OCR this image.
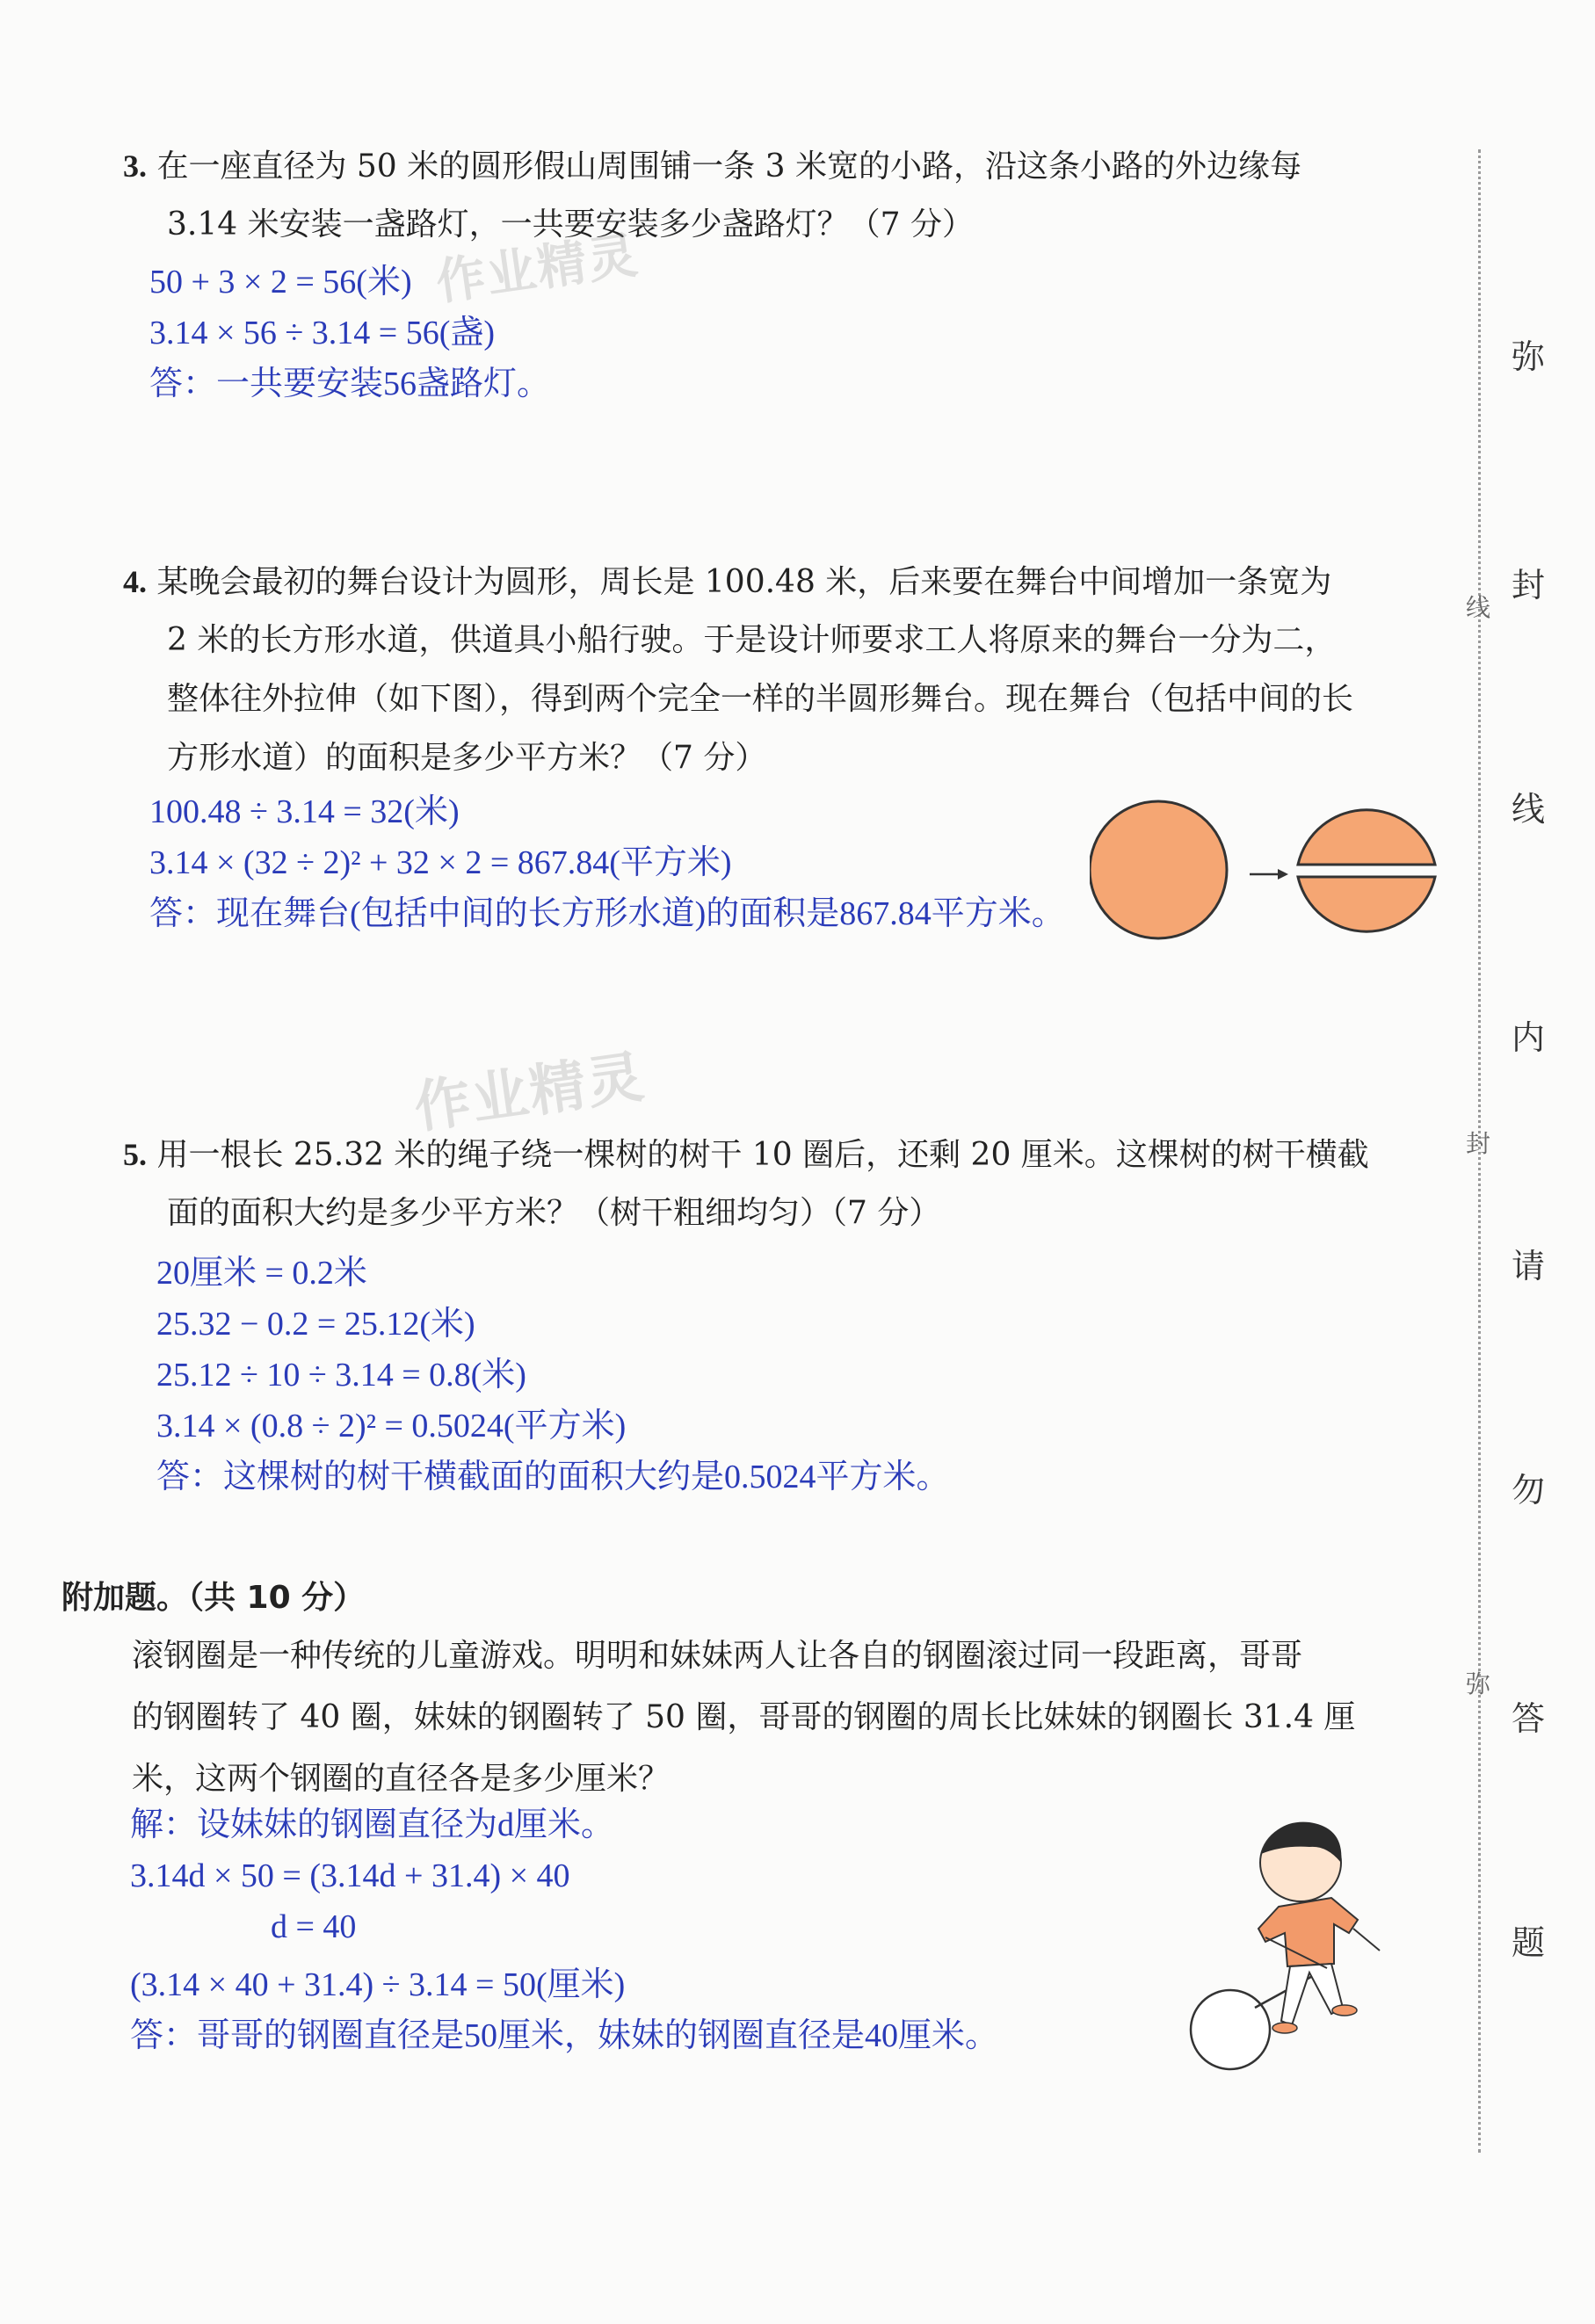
3. 在一座直径为 50 米的圆形假山周围铺一条 3 米宽的小路，沿这条小路的外边缘每
3.14 米安装一盏路灯，一共要安装多少盏路灯？（7 分）
50 + 3 × 2 = 56(米)
3.14 × 56 ÷ 3.14 = 56(盏)
答：一共要安装56盏路灯。
作业精灵
4. 某晚会最初的舞台设计为圆形，周长是 100.48 米，后来要在舞台中间增加一条宽为
2 米的长方形水道，供道具小船行驶。于是设计师要求工人将原来的舞台一分为二，
整体往外拉伸（如下图），得到两个完全一样的半圆形舞台。现在舞台（包括中间的长
方形水道）的面积是多少平方米？（7 分）
100.48 ÷ 3.14 = 32(米)
3.14 × (32 ÷ 2)² + 32 × 2 = 867.84(平方米)
答：现在舞台(包括中间的长方形水道)的面积是867.84平方米。
作业精灵
5. 用一根长 25.32 米的绳子绕一棵树的树干 10 圈后，还剩 20 厘米。这棵树的树干横截
面的面积大约是多少平方米？（树干粗细均匀）（7 分）
20厘米 = 0.2米
25.32 − 0.2 = 25.12(米)
25.12 ÷ 10 ÷ 3.14 = 0.8(米)
3.14 × (0.8 ÷ 2)² = 0.5024(平方米)
答：这棵树的树干横截面的面积大约是0.5024平方米。
附加题。（共 10 分）
滚钢圈是一种传统的儿童游戏。明明和妹妹两人让各自的钢圈滚过同一段距离，哥哥
的钢圈转了 40 圈，妹妹的钢圈转了 50 圈，哥哥的钢圈的周长比妹妹的钢圈长 31.4 厘
米，这两个钢圈的直径各是多少厘米？
解：设妹妹的钢圈直径为d厘米。
3.14d × 50 = (3.14d + 31.4) × 40
d = 40
(3.14 × 40 + 31.4) ÷ 3.14 = 50(厘米)
答：哥哥的钢圈直径是50厘米，妹妹的钢圈直径是40厘米。
线
封
弥
弥
封
线
内
请
勿
答
题
